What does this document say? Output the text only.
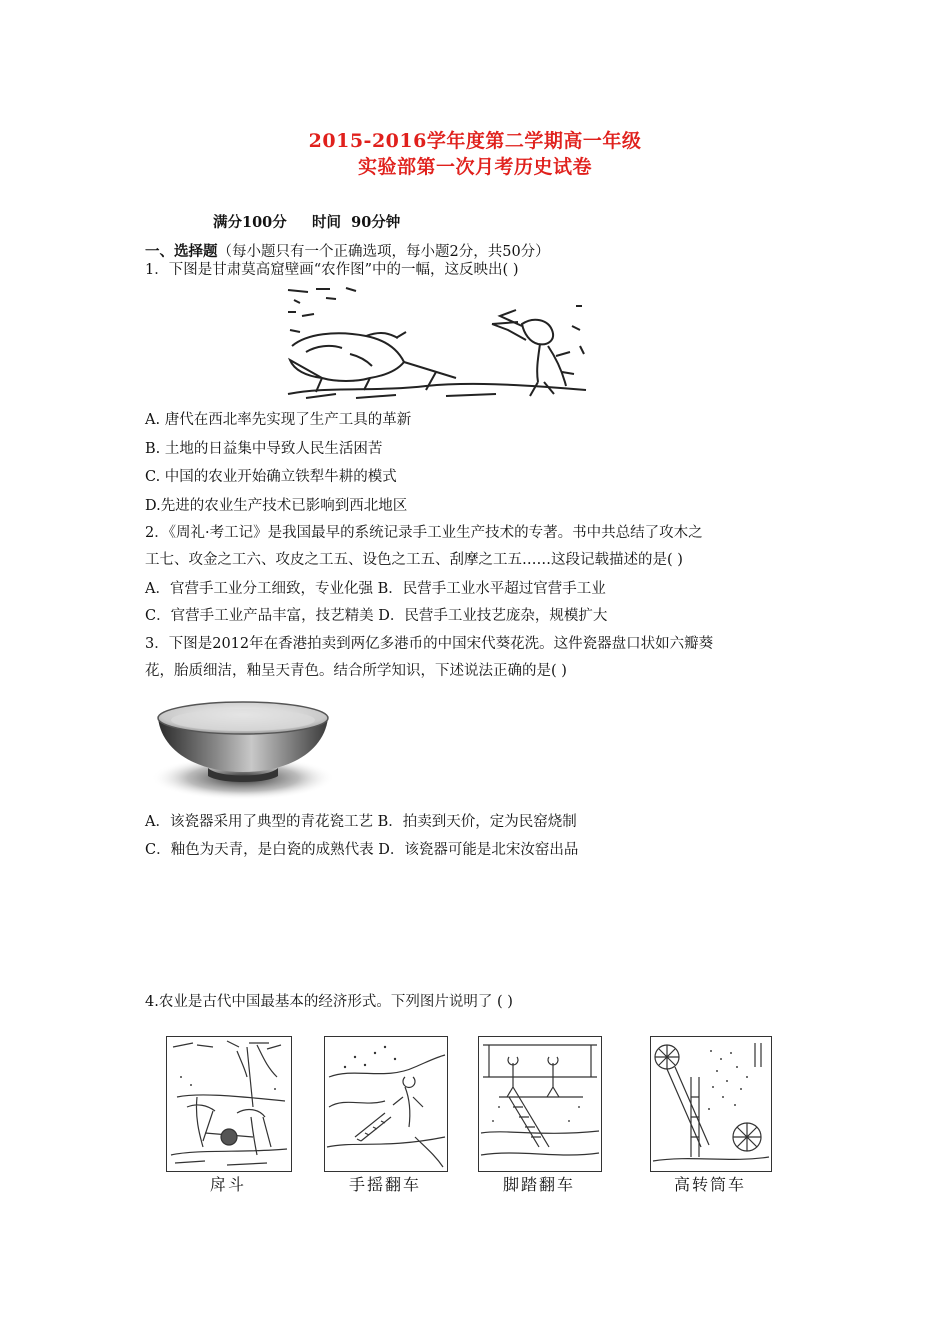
2015-2016学年度第二学期高一年级
实验部第一次月考历史试卷
满分100分     时间  90分钟
一、选择题（每小题只有一个正确选项，每小题2分，共50分）
1．下图是甘肃莫高窟壁画“农作图”中的一幅，这反映出( )
A. 唐代在西北率先实现了生产工具的革新
B. 土地的日益集中导致人民生活困苦
C. 中国的农业开始确立铁犁牛耕的模式
D.先进的农业生产技术已影响到西北地区
2．《周礼·考工记》是我国最早的系统记录手工业生产技术的专著。书中共总结了攻木之
工七、攻金之工六、攻皮之工五、设色之工五、刮摩之工五……这段记载描述的是( )
A．官营手工业分工细致，专业化强 B．民营手工业水平超过官营手工业
C．官营手工业产品丰富，技艺精美 D．民营手工业技艺庞杂，规模扩大
3．下图是2012年在香港拍卖到两亿多港币的中国宋代葵花洗。这件瓷器盘口状如六瓣葵
花，胎质细洁，釉呈天青色。结合所学知识，下述说法正确的是( )
A．该瓷器采用了典型的青花瓷工艺 B．拍卖到天价，定为民窑烧制
C．釉色为天青，是白瓷的成熟代表 D．该瓷器可能是北宋汝窑出品
4.农业是古代中国最基本的经济形式。下列图片说明了 ( )
戽斗	手摇翻车	脚踏翻车	高转筒车
